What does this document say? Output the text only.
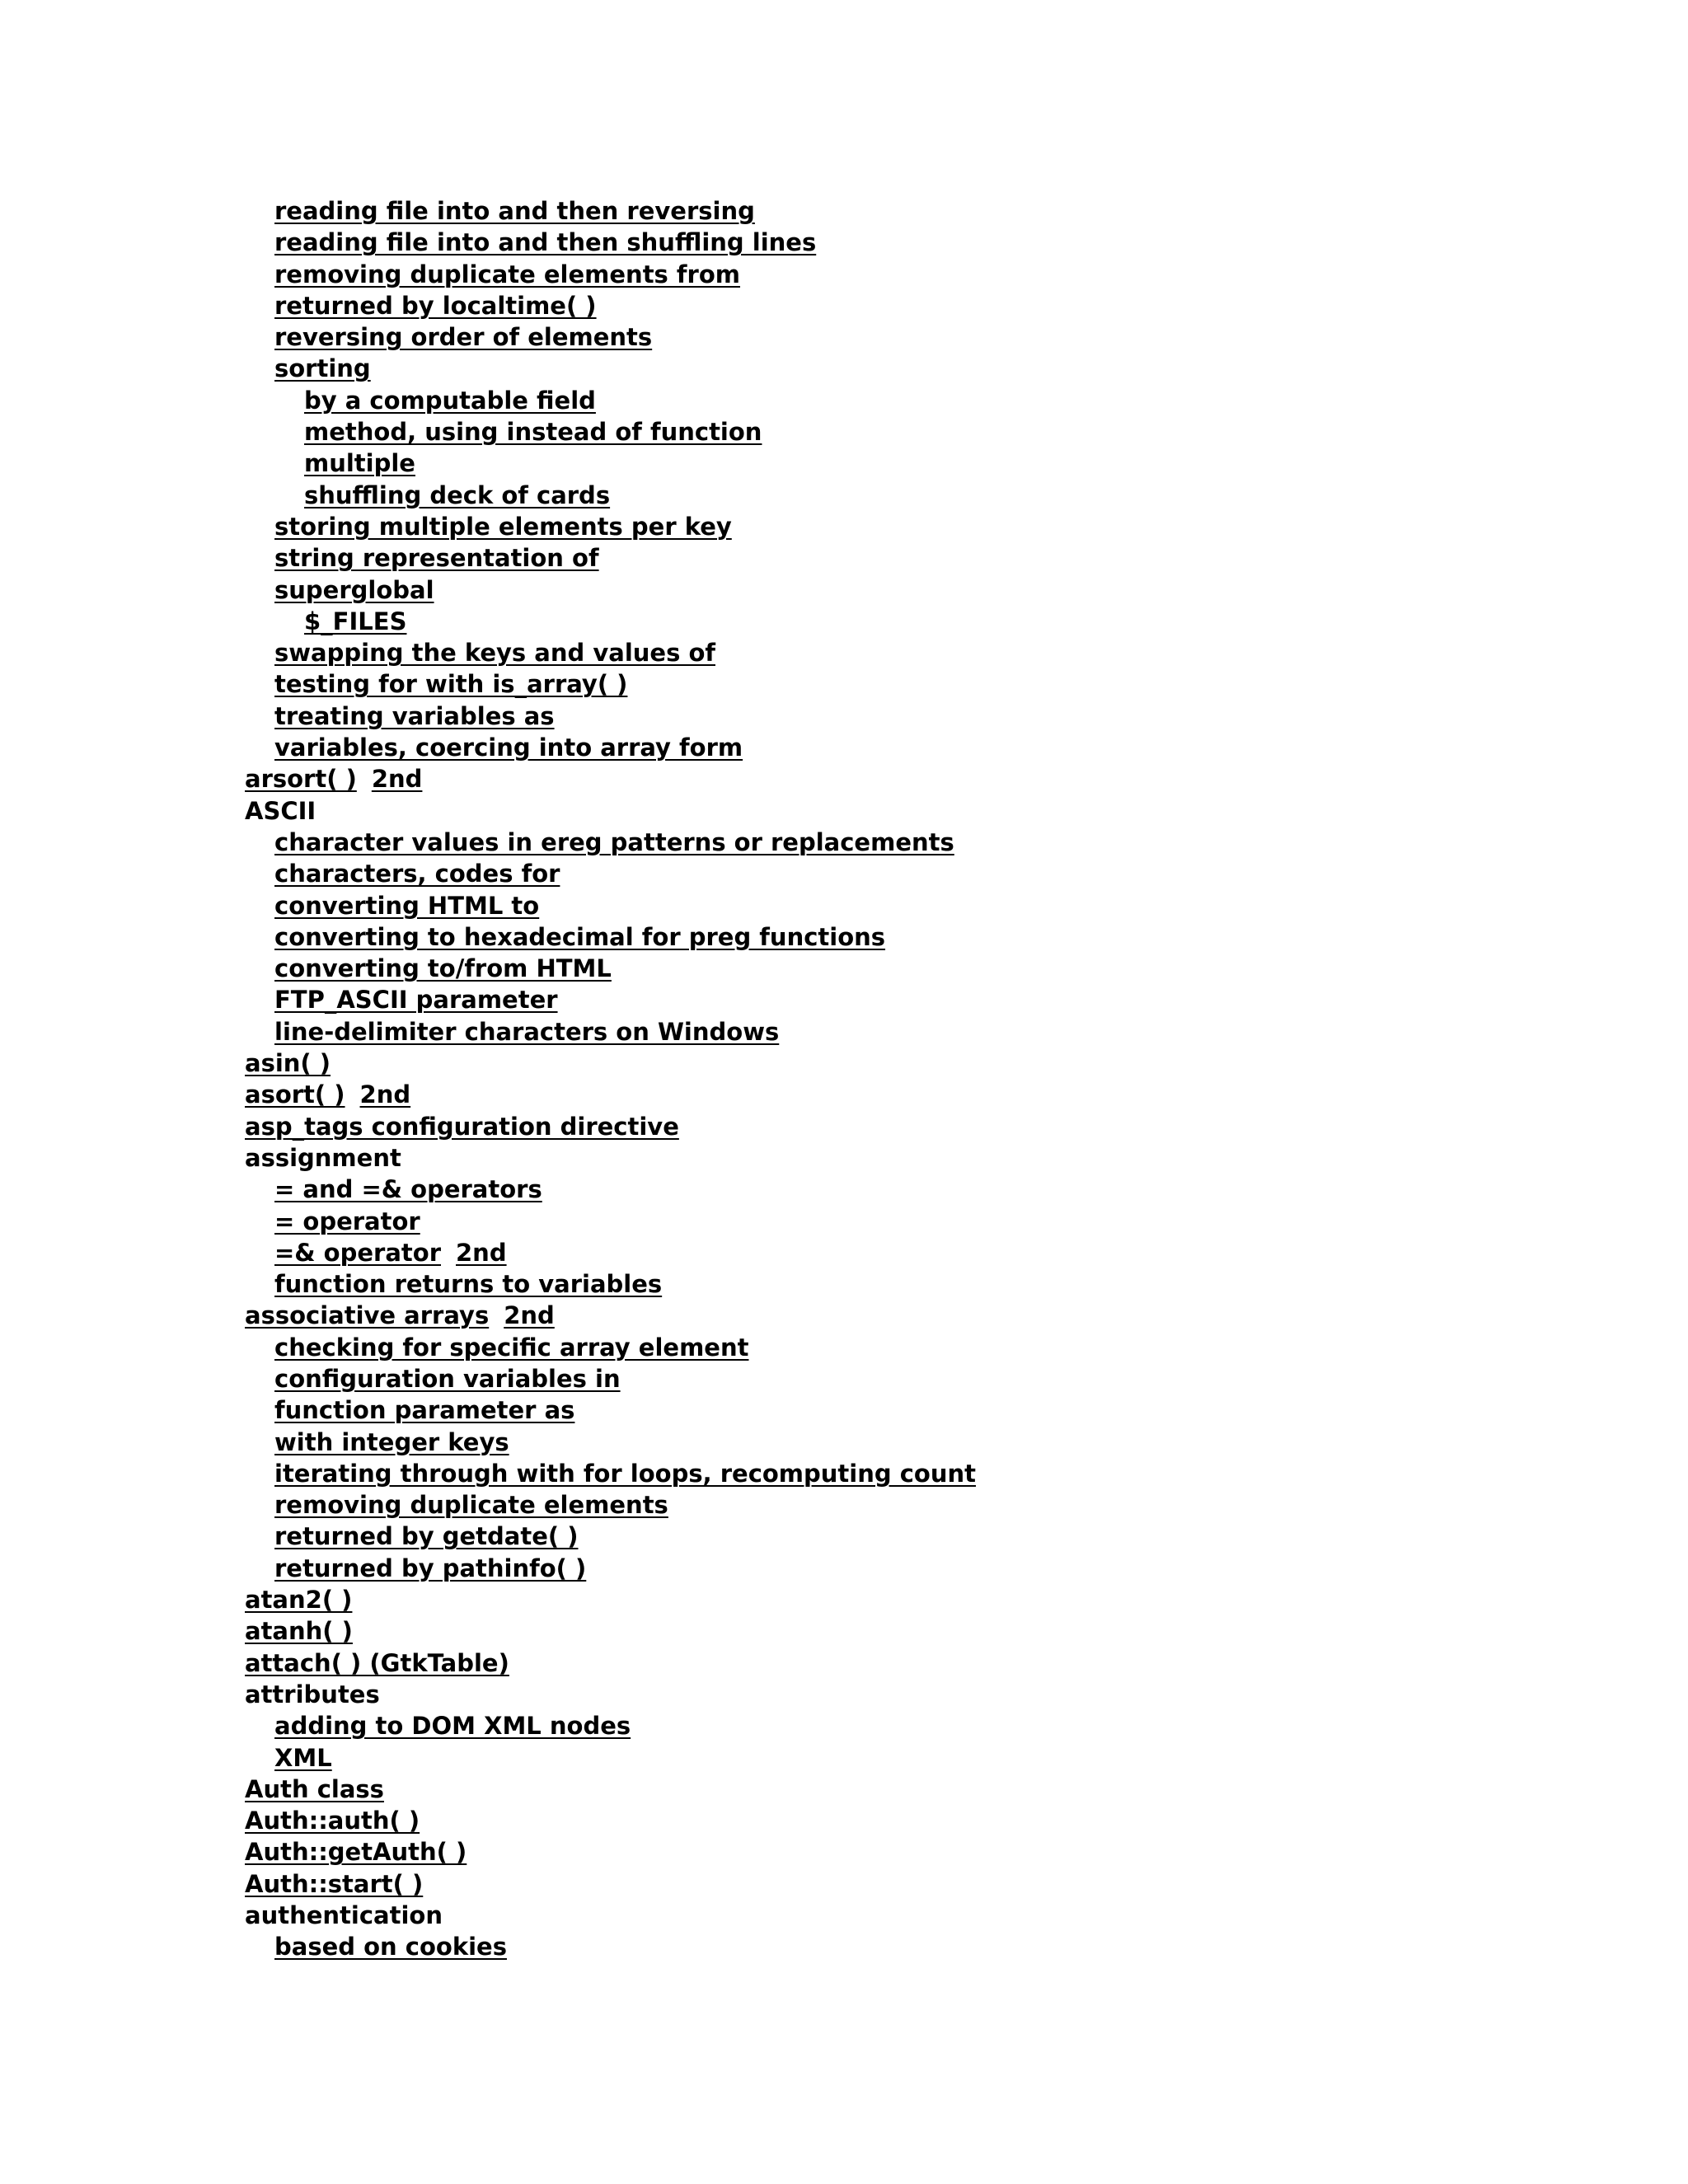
reading file into and then reversing
reading file into and then shuffling lines
removing duplicate elements from
returned by localtime( )
reversing order of elements
sorting
by a computable field
method, using instead of function
multiple
shuffling deck of cards
storing multiple elements per key
string representation of
superglobal
$_FILES
swapping the keys and values of
testing for with is_array( )
treating variables as
variables, coercing into array form
arsort( ) 2nd
ASCII
character values in ereg patterns or replacements
characters, codes for
converting HTML to
converting to hexadecimal for preg functions
converting to/from HTML
FTP_ASCII parameter
line-delimiter characters on Windows
asin( )
asort( ) 2nd
asp_tags configuration directive
assignment
= and =& operators
= operator
=& operator 2nd
function returns to variables
associative arrays 2nd
checking for specific array element
configuration variables in
function parameter as
with integer keys
iterating through with for loops, recomputing count
removing duplicate elements
returned by getdate( )
returned by pathinfo( )
atan2( )
atanh( )
attach( ) (GtkTable)
attributes
adding to DOM XML nodes
XML
Auth class
Auth::auth( )
Auth::getAuth( )
Auth::start( )
authentication
based on cookies
